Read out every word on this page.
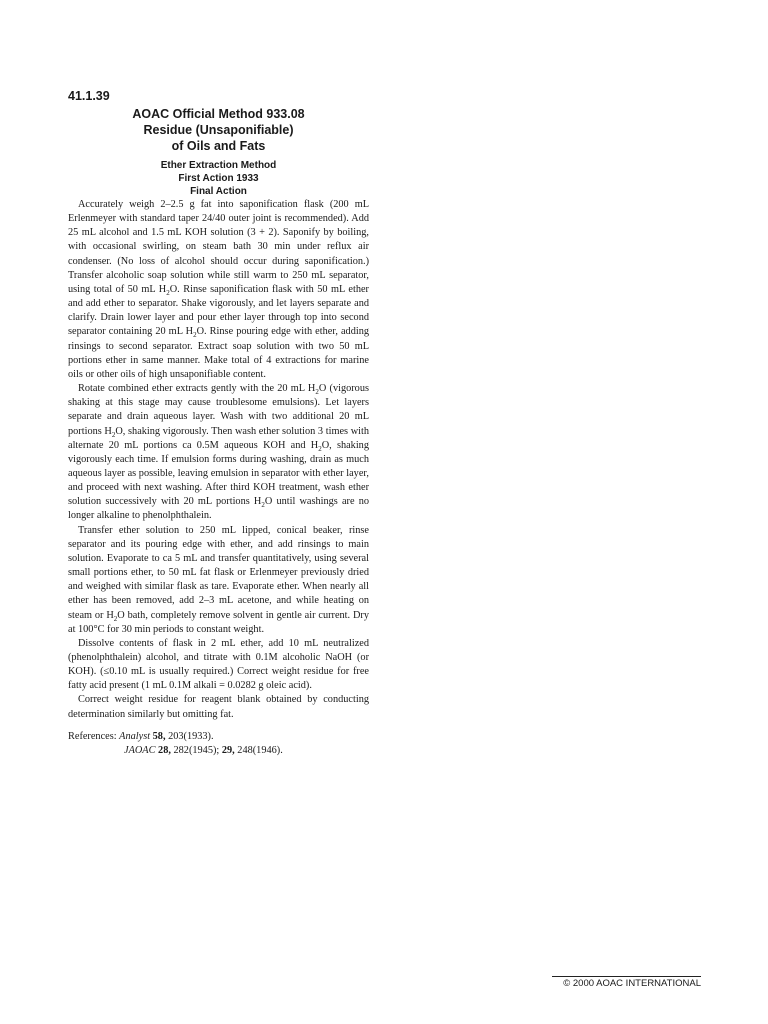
41.1.39
AOAC Official Method 933.08
Residue (Unsaponifiable)
of Oils and Fats
Ether Extraction Method
First Action 1933
Final Action

Accurately weigh 2–2.5 g fat into saponification flask (200 mL Erlenmeyer with standard taper 24/40 outer joint is recommended). Add 25 mL alcohol and 1.5 mL KOH solution (3 + 2). Saponify by boiling, with occasional swirling, on steam bath 30 min under reflux air condenser. (No loss of alcohol should occur during saponification.) Transfer alcoholic soap solution while still warm to 250 mL separator, using total of 50 mL $H_2O$. Rinse saponification flask with 50 mL ether and add ether to separator. Shake vigorously, and let layers separate and clarify. Drain lower layer and pour ether layer through top into second separator containing 20 mL $H_2O$. Rinse pouring edge with ether, adding rinsings to second separator. Extract soap solution with two 50 mL portions ether in same manner. Make total of 4 extractions for marine oils or other oils of high unsaponifiable content.

Rotate combined ether extracts gently with the 20 mL $H_2O$ (vigorous shaking at this stage may cause troublesome emulsions). Let layers separate and drain aqueous layer. Wash with two additional 20 mL portions $H_2O$, shaking vigorously. Then wash ether solution 3 times with alternate 20 mL portions ca 0.5M aqueous KOH and $H_2O$, shaking vigorously each time. If emulsion forms during washing, drain as much aqueous layer as possible, leaving emulsion in separator with ether layer, and proceed with next washing. After third KOH treatment, wash ether solution successively with 20 mL portions $H_2O$ until washings are no longer alkaline to phenolphthalein.

Transfer ether solution to 250 mL lipped, conical beaker, rinse separator and its pouring edge with ether, and add rinsings to main solution. Evaporate to ca 5 mL and transfer quantitatively, using several small portions ether, to 50 mL fat flask or Erlenmeyer previously dried and weighed with similar flask as tare. Evaporate ether. When nearly all ether has been removed, add 2–3 mL acetone, and while heating on steam or $H_2O$ bath, completely remove solvent in gentle air current. Dry at 100°C for 30 min periods to constant weight.

Dissolve contents of flask in 2 mL ether, add 10 mL neutralized (phenolphthalein) alcohol, and titrate with 0.1M alcoholic NaOH (or KOH). (≤0.10 mL is usually required.) Correct weight residue for free fatty acid present (1 mL 0.1M alkali = 0.0282 g oleic acid).

Correct weight residue for reagent blank obtained by conducting determination similarly but omitting fat.

References: Analyst 58, 203(1933).
JAOAC 28, 282(1945); 29, 248(1946).
© 2000 AOAC INTERNATIONAL
